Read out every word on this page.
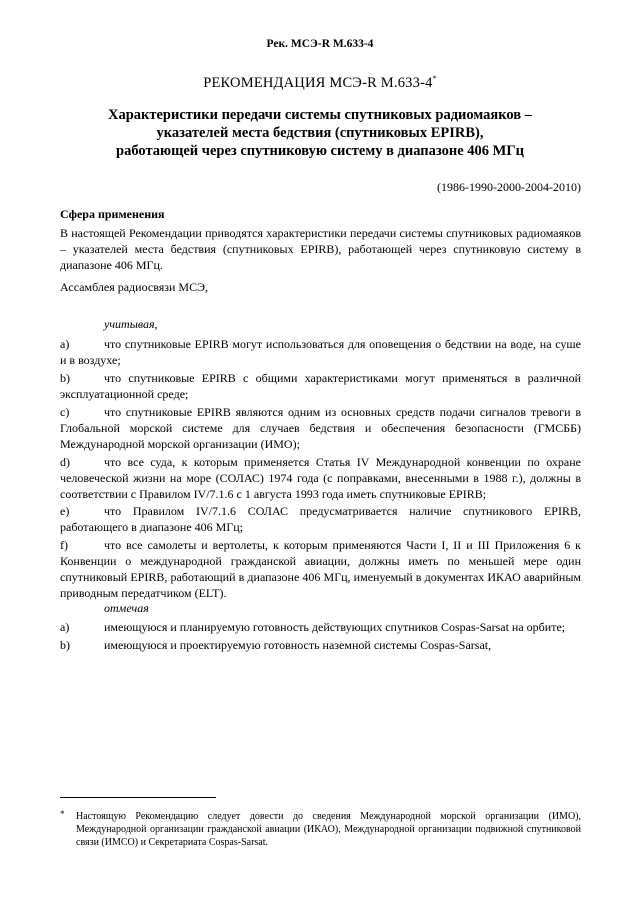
Рек. МСЭ-R M.633-4
РЕКОМЕНДАЦИЯ МСЭ-R M.633-4*
Характеристики передачи системы спутниковых радиомаяков –
указателей места бедствия (спутниковых EPIRB),
работающей через спутниковую систему в диапазоне 406 МГц
(1986-1990-2000-2004-2010)
Сфера применения
В настоящей Рекомендации приводятся характеристики передачи системы спутниковых радиомаяков – указателей места бедствия (спутниковых EPIRB), работающей через спутниковую систему в диапазоне 406 МГц.
Ассамблея радиосвязи МСЭ,
учитывая,
a)	что спутниковые EPIRB могут использоваться для оповещения о бедствии на воде, на суше и в воздухе;
b)	что спутниковые EPIRB с общими характеристиками могут применяться в различной эксплуатационной среде;
c)	что спутниковые EPIRB являются одним из основных средств подачи сигналов тревоги в Глобальной морской системе для случаев бедствия и обеспечения безопасности (ГМСББ) Международной морской организации (ИМО);
d)	что все суда, к которым применяется Статья IV Международной конвенции по охране человеческой жизни на море (СОЛАС) 1974 года (с поправками, внесенными в 1988 г.), должны в соответствии с Правилом IV/7.1.6 с 1 августа 1993 года иметь спутниковые EPIRB;
e)	что Правилом IV/7.1.6 СОЛАС предусматривается наличие спутникового EPIRB, работающего в диапазоне 406 МГц;
f)	что все самолеты и вертолеты, к которым применяются Части I, II и III Приложения 6 к Конвенции о международной гражданской авиации, должны иметь по меньшей мере один спутниковый EPIRB, работающий в диапазоне 406 МГц, именуемый в документах ИКАО аварийным приводным передатчиком (ELT).
отмечая
a)	имеющуюся и планируемую готовность действующих спутников Cospas-Sarsat на орбите;
b)	имеющуюся и проектируемую готовность наземной системы Cospas-Sarsat,
* Настоящую Рекомендацию следует довести до сведения Международной морской организации (ИМО), Международной организации гражданской авиации (ИКАО), Международной организации подвижной спутниковой связи (ИМСО) и Секретариата Cospas-Sarsat.
